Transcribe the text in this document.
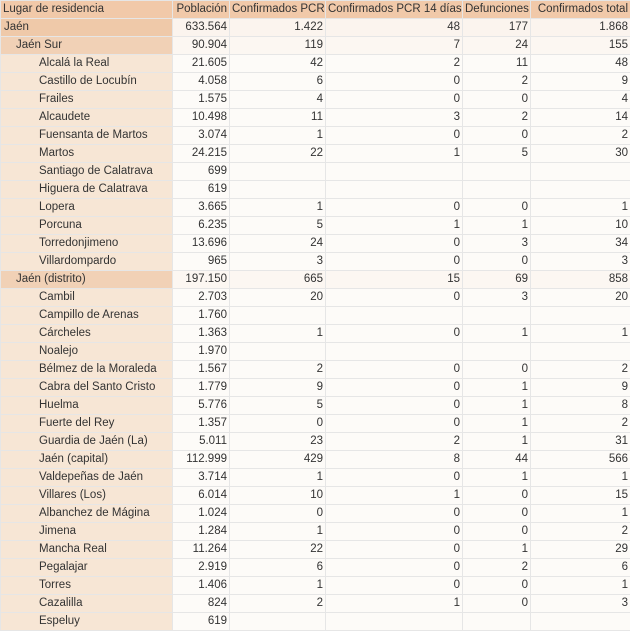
Lugar de residencia	Población	Confirmados PCR	Confirmados PCR 14 días	Defunciones	Confirmados total
Jaén	633.564	1.422	48	177	1.868
Jaén Sur	90.904	119	7	24	155
Alcalá la Real	21.605	42	2	11	48
Castillo de Locubín	4.058	6	0	2	9
Frailes	1.575	4	0	0	4
Alcaudete	10.498	11	3	2	14
Fuensanta de Martos	3.074	1	0	0	2
Martos	24.215	22	1	5	30
Santiago de Calatrava	699				
Higuera de Calatrava	619				
Lopera	3.665	1	0	0	1
Porcuna	6.235	5	1	1	10
Torredonjimeno	13.696	24	0	3	34
Villardompardo	965	3	0	0	3
Jaén (distrito)	197.150	665	15	69	858
Cambil	2.703	20	0	3	20
Campillo de Arenas	1.760				
Cárcheles	1.363	1	0	1	1
Noalejo	1.970				
Bélmez de la Moraleda	1.567	2	0	0	2
Cabra del Santo Cristo	1.779	9	0	1	9
Huelma	5.776	5	0	1	8
Fuerte del Rey	1.357	0	0	1	2
Guardia de Jaén (La)	5.011	23	2	1	31
Jaén (capital)	112.999	429	8	44	566
Valdepeñas de Jaén	3.714	1	0	1	1
Villares (Los)	6.014	10	1	0	15
Albanchez de Mágina	1.024	0	0	0	1
Jimena	1.284	1	0	0	2
Mancha Real	11.264	22	0	1	29
Pegalajar	2.919	6	0	2	6
Torres	1.406	1	0	0	1
Cazalilla	824	2	1	0	3
Espeluy	619				
